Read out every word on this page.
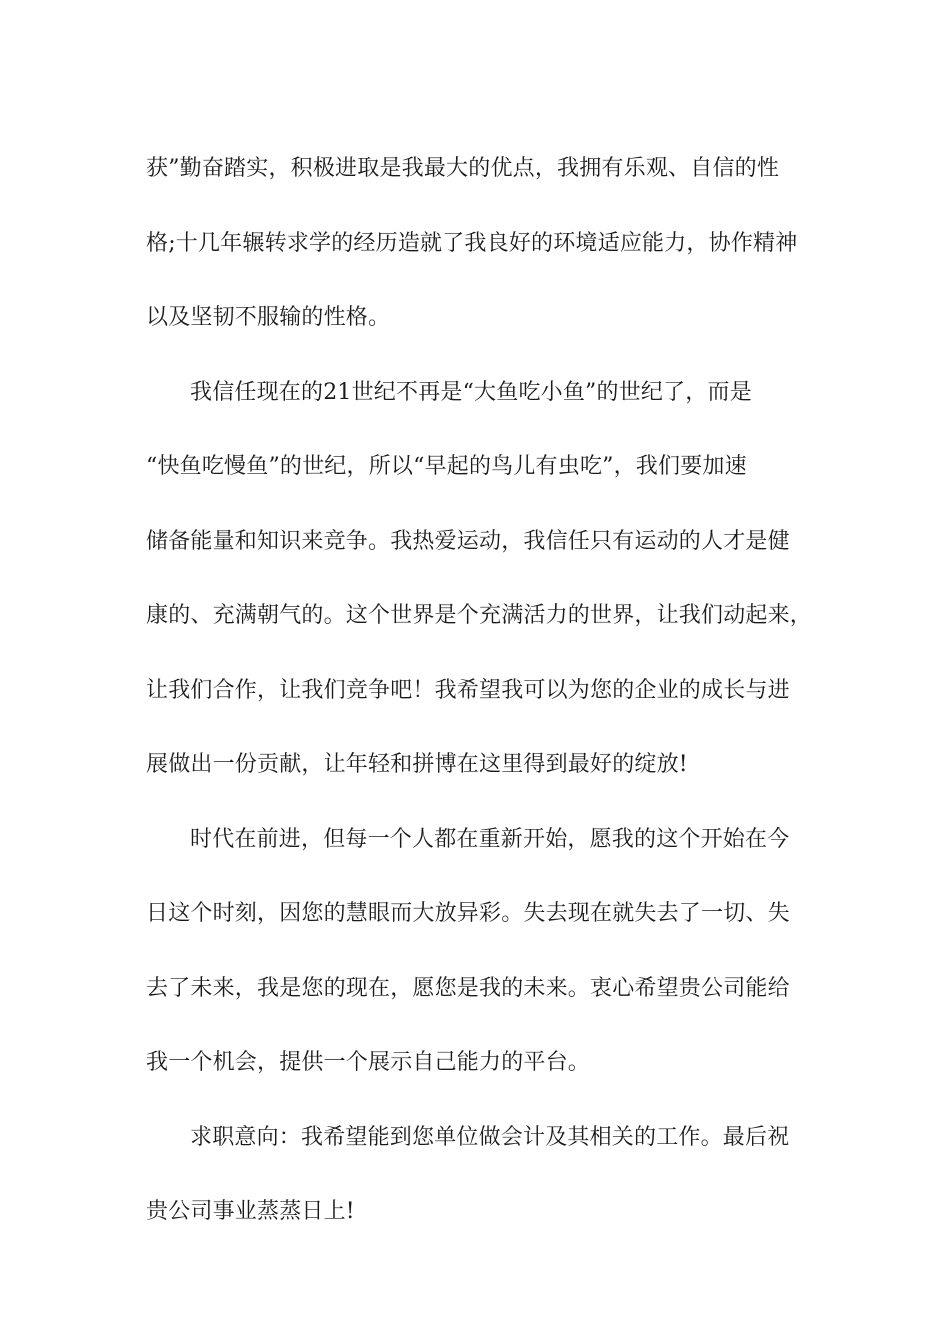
获”勤奋踏实，积极进取是我最大的优点，我拥有乐观、自信的性
格;十几年辗转求学的经历造就了我良好的环境适应能力，协作精神
以及坚韧不服输的性格。
我信任现在的21世纪不再是“大鱼吃小鱼”的世纪了，而是
“快鱼吃慢鱼”的世纪，所以“早起的鸟儿有虫吃”，我们要加速
储备能量和知识来竞争。我热爱运动，我信任只有运动的人才是健
康的、充满朝气的。这个世界是个充满活力的世界，让我们动起来，
让我们合作，让我们竞争吧！我希望我可以为您的企业的成长与进
展做出一份贡献，让年轻和拼博在这里得到最好的绽放!
时代在前进，但每一个人都在重新开始，愿我的这个开始在今
日这个时刻，因您的慧眼而大放异彩。失去现在就失去了一切、失
去了未来，我是您的现在，愿您是我的未来。衷心希望贵公司能给
我一个机会，提供一个展示自己能力的平台。
求职意向：我希望能到您单位做会计及其相关的工作。最后祝
贵公司事业蒸蒸日上!
